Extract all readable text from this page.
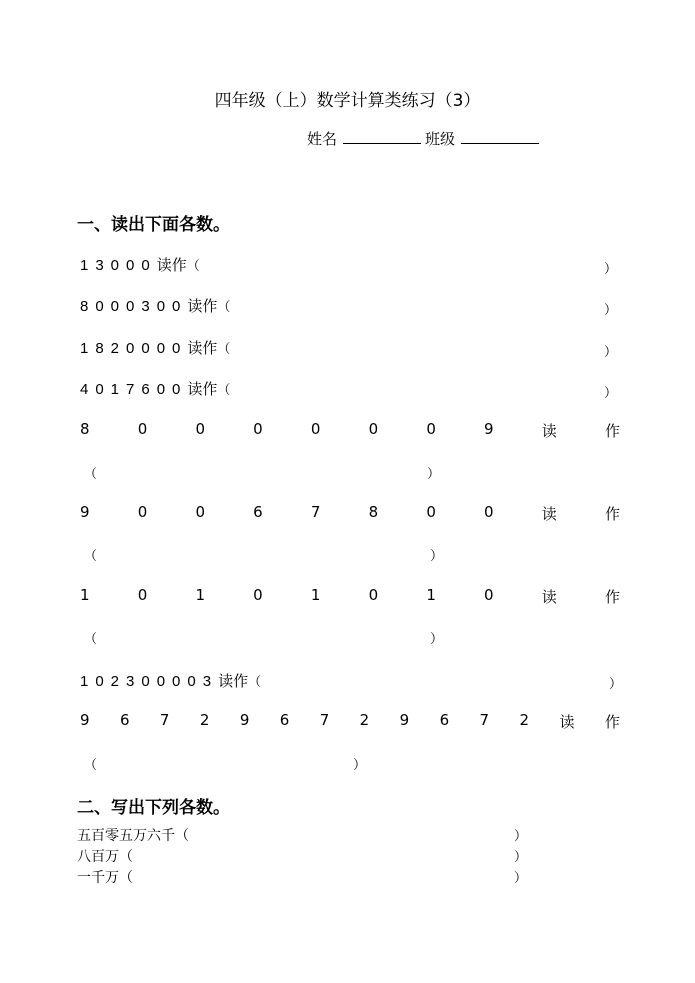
四年级（上）数学计算类练习（3）
姓名	班级
一、读出下面各数。
13000读作（	）
8000300读作（	）
1820000读作（	）
4017600读作（	）
8	0	0	0	0	0	0	9	读	作
（	）
9	0	0	6	7	8	0	0	读	作
（	）
1	0	1	0	1	0	1	0	读	作
（	）
102300003读作（	）
9 6 7 2 9 6 7 2 9 6 7 2 读 作
（	）
二、写出下列各数。
五百零五万六千（	）
八百万（	）
一千万（	）
